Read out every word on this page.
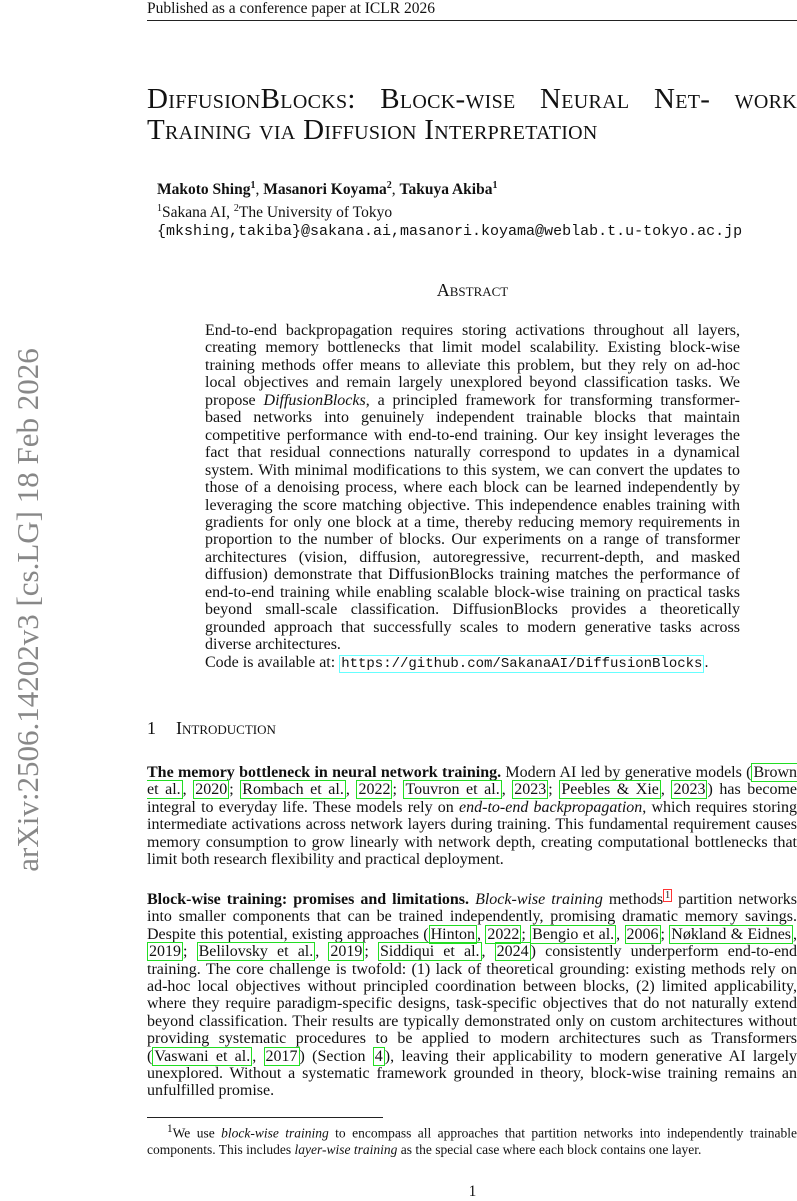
Published as a conference paper at ICLR 2026
arXiv:2506.14202v3 [cs.LG] 18 Feb 2026
DiffusionBlocks: Block-wise Neural Net- work Training via Diffusion Interpretation
Makoto Shing$^1$, Masanori Koyama$^2$, Takuya Akiba$^1$
$^1$Sakana AI, $^2$The University of Tokyo
{mkshing,takiba}@sakana.ai,masanori.koyama@weblab.t.u-tokyo.ac.jp
Abstract
End-to-end backpropagation requires storing activations throughout all layers, creating memory bottlenecks that limit model scalability. Existing block-wise training methods offer means to alleviate this problem, but they rely on ad-hoc local objectives and remain largely unexplored beyond classification tasks. We propose DiffusionBlocks, a principled framework for transforming transformer-based networks into genuinely independent trainable blocks that maintain competitive performance with end-to-end training. Our key insight leverages the fact that residual connections naturally correspond to updates in a dynamical system. With minimal modifications to this system, we can convert the updates to those of a denoising process, where each block can be learned independently by leveraging the score matching objective. This independence enables training with gradients for only one block at a time, thereby reducing memory requirements in proportion to the number of blocks. Our experiments on a range of transformer architectures (vision, diffusion, autoregressive, recurrent-depth, and masked diffusion) demonstrate that DiffusionBlocks training matches the performance of end-to-end training while enabling scalable block-wise training on practical tasks beyond small-scale classification. DiffusionBlocks provides a theoretically grounded approach that successfully scales to modern generative tasks across diverse architectures.
Code is available at: https://github.com/SakanaAI/DiffusionBlocks .
1 Introduction
The memory bottleneck in neural network training. Modern AI led by generative models ( Brown et al. , 2020 ; Rombach et al. , 2022 ; Touvron et al. , 2023 ; Peebles & Xie , 2023 ) has become integral to everyday life. These models rely on end-to-end backpropagation, which requires storing intermediate activations across network layers during training. This fundamental requirement causes memory consumption to grow linearly with network depth, creating computational bottlenecks that limit both research flexibility and practical deployment.
Block-wise training: promises and limitations. Block-wise training methods $^1$ partition networks into smaller components that can be trained independently, promising dramatic memory savings. Despite this potential, existing approaches ( Hinton , 2022 ; Bengio et al. , 2006 ; Nøkland & Eidnes , 2019 ; Belilovsky et al. , 2019 ; Siddiqui et al. , 2024 ) consistently underperform end-to-end training. The core challenge is twofold: (1) lack of theoretical grounding: existing methods rely on ad-hoc local objectives without principled coordination between blocks, (2) limited applicability, where they require paradigm-specific designs, task-specific objectives that do not naturally extend beyond classification. Their results are typically demonstrated only on custom architectures without providing systematic procedures to be applied to modern architectures such as Transformers ( Vaswani et al. , 2017 ) (Section 4 ), leaving their applicability to modern generative AI largely unexplored. Without a systematic framework grounded in theory, block-wise training remains an unfulfilled promise.
$^1$We use block-wise training to encompass all approaches that partition networks into independently trainable components. This includes layer-wise training as the special case where each block contains one layer.
1
